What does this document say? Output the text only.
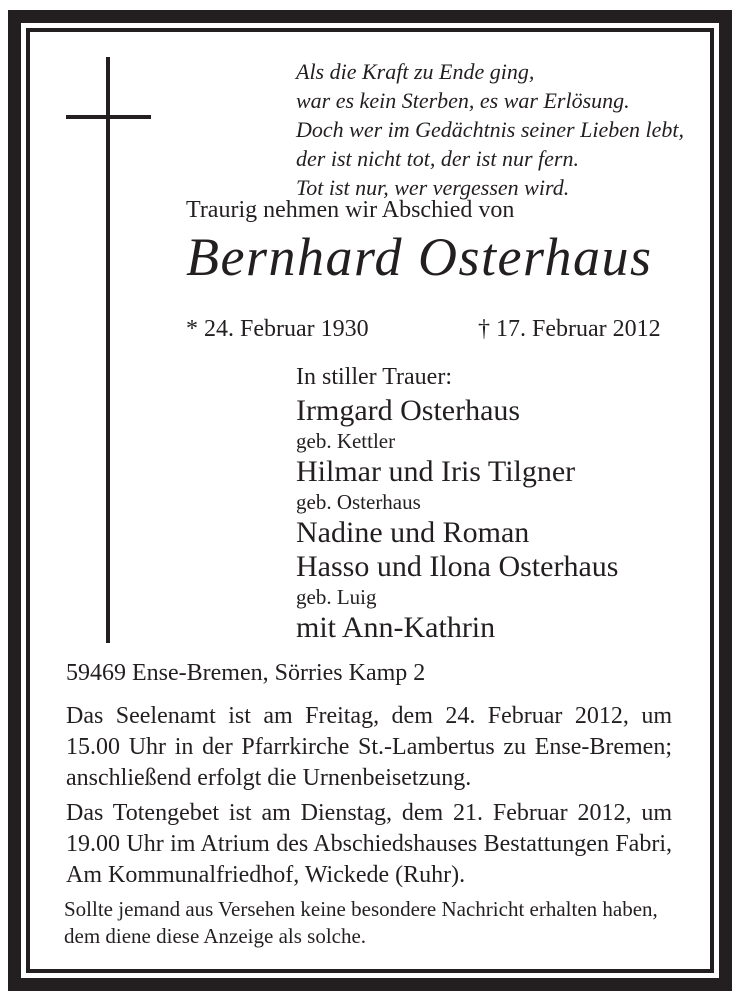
Als die Kraft zu Ende ging,
war es kein Sterben, es war Erlösung.
Doch wer im Gedächtnis seiner Lieben lebt,
der ist nicht tot, der ist nur fern.
Tot ist nur, wer vergessen wird.
Traurig nehmen wir Abschied von
Bernhard Osterhaus
* 24. Februar 1930	† 17. Februar 2012
In stiller Trauer:
Irmgard Osterhaus
geb. Kettler
Hilmar und Iris Tilgner
geb. Osterhaus
Nadine und Roman
Hasso und Ilona Osterhaus
geb. Luig
mit Ann-Kathrin
59469 Ense-Bremen, Sörries Kamp 2
Das Seelenamt ist am Freitag, dem 24. Februar 2012, um 15.00 Uhr in der Pfarrkirche St.-Lambertus zu Ense-Bremen; anschließend erfolgt die Urnenbeisetzung.
Das Totengebet ist am Dienstag, dem 21. Februar 2012, um 19.00 Uhr im Atrium des Abschiedshauses Bestattungen Fabri, Am Kommunalfriedhof, Wickede (Ruhr).
Sollte jemand aus Versehen keine besondere Nachricht erhalten haben, dem diene diese Anzeige als solche.
